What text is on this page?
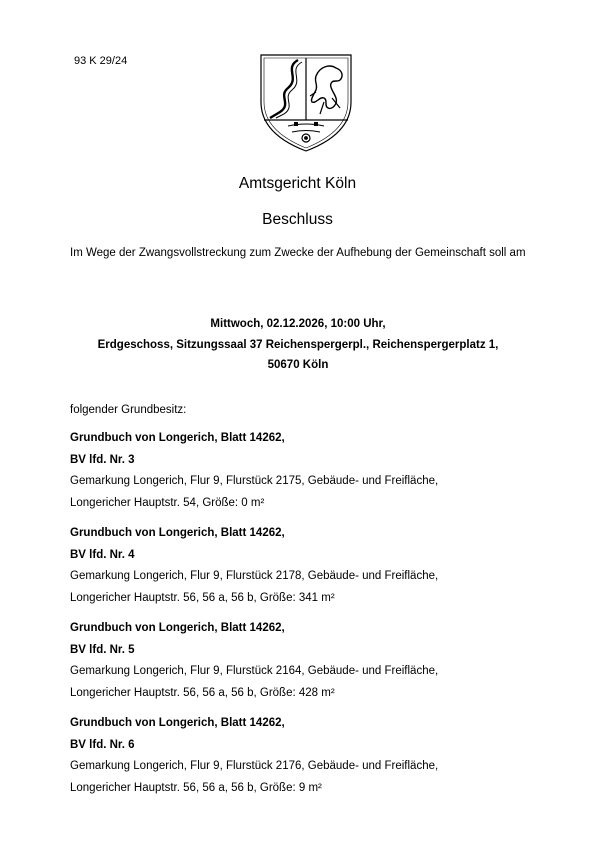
93 K 29/24
Amtsgericht Köln
Beschluss
Im Wege der Zwangsvollstreckung zum Zwecke der Aufhebung der Gemeinschaft soll am
Mittwoch, 02.12.2026, 10:00 Uhr,
Erdgeschoss, Sitzungssaal 37 Reichenspergerpl., Reichenspergerplatz 1,
50670 Köln
folgender Grundbesitz:
Grundbuch von Longerich, Blatt 14262,
BV lfd. Nr. 3
Gemarkung Longerich, Flur 9, Flurstück 2175, Gebäude- und Freifläche,
Longericher Hauptstr. 54, Größe: 0 m²
Grundbuch von Longerich, Blatt 14262,
BV lfd. Nr. 4
Gemarkung Longerich, Flur 9, Flurstück 2178, Gebäude- und Freifläche,
Longericher Hauptstr. 56, 56 a, 56 b, Größe: 341 m²
Grundbuch von Longerich, Blatt 14262,
BV lfd. Nr. 5
Gemarkung Longerich, Flur 9, Flurstück 2164, Gebäude- und Freifläche,
Longericher Hauptstr. 56, 56 a, 56 b, Größe: 428 m²
Grundbuch von Longerich, Blatt 14262,
BV lfd. Nr. 6
Gemarkung Longerich, Flur 9, Flurstück 2176, Gebäude- und Freifläche,
Longericher Hauptstr. 56, 56 a, 56 b, Größe: 9 m²
